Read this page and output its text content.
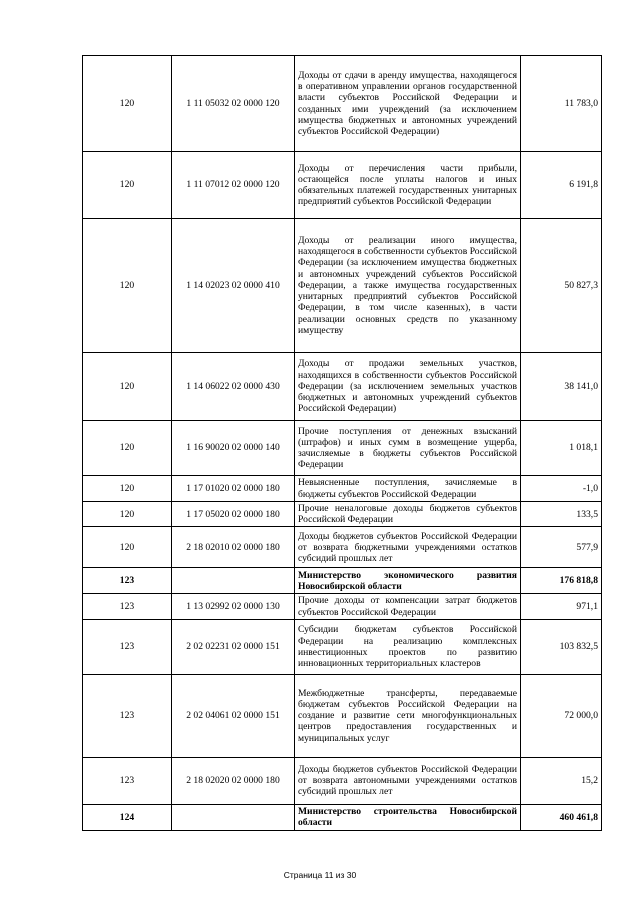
120	1 11 05032 02 0000 120	Доходы от сдачи в аренду имущества, находящегося в оперативном управлении органов государственной власти субъектов Российской Федерации и созданных ими учреждений (за исключением имущества бюджетных и автономных учреждений субъектов Российской Федерации)	11 783,0
120	1 11 07012 02 0000 120	Доходы от перечисления части прибыли, остающейся после уплаты налогов и иных обязательных платежей государственных унитарных предприятий субъектов Российской Федерации	6 191,8
120	1 14 02023 02 0000 410	Доходы от реализации иного имущества, находящегося в собственности субъектов Российской Федерации (за исключением имущества бюджетных и автономных учреждений субъектов Российской Федерации, а также имущества государственных унитарных предприятий субъектов Российской Федерации, в том числе казенных), в части реализации основных средств по указанному имуществу	50 827,3
120	1 14 06022 02 0000 430	Доходы от продажи земельных участков, находящихся в собственности субъектов Российской Федерации (за исключением земельных участков бюджетных и автономных учреждений субъектов Российской Федерации)	38 141,0
120	1 16 90020 02 0000 140	Прочие поступления от денежных взысканий (штрафов) и иных сумм в возмещение ущерба, зачисляемые в бюджеты субъектов Российской Федерации	1 018,1
120	1 17 01020 02 0000 180	Невыясненные поступления, зачисляемые в бюджеты субъектов Российской Федерации	-1,0
120	1 17 05020 02 0000 180	Прочие неналоговые доходы бюджетов субъектов Российской Федерации	133,5
120	2 18 02010 02 0000 180	Доходы бюджетов субъектов Российской Федерации от возврата бюджетными учреждениями остатков субсидий прошлых лет	577,9
123		Министерство экономического развития Новосибирской области	176 818,8
123	1 13 02992 02 0000 130	Прочие доходы от компенсации затрат бюджетов субъектов Российской Федерации	971,1
123	2 02 02231 02 0000 151	Субсидии бюджетам субъектов Российской Федерации на реализацию комплексных инвестиционных проектов по развитию инновационных территориальных кластеров	103 832,5
123	2 02 04061 02 0000 151	Межбюджетные трансферты, передаваемые бюджетам субъектов Российской Федерации на создание и развитие сети многофункциональных центров предоставления государственных и муниципальных услуг	72 000,0
123	2 18 02020 02 0000 180	Доходы бюджетов субъектов Российской Федерации от возврата автономными учреждениями остатков субсидий прошлых лет	15,2
124		Министерство строительства Новосибирской области	460 461,8
Страница 11 из 30
